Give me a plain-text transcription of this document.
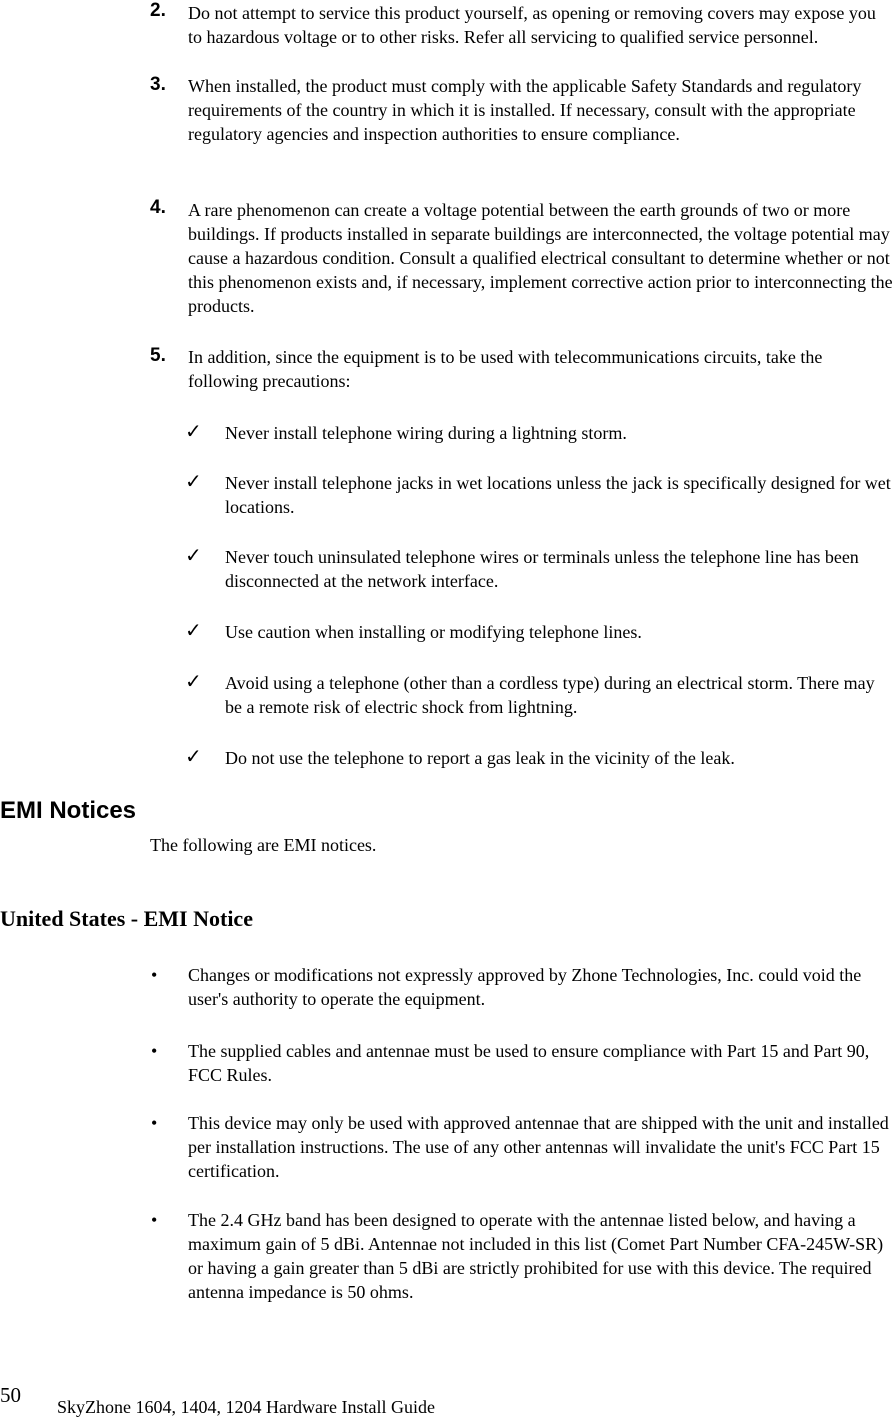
2. Do not attempt to service this product yourself, as opening or removing covers may expose you to hazardous voltage or to other risks. Refer all servicing to qualified service personnel.

3. When installed, the product must comply with the applicable Safety Standards and regulatory requirements of the country in which it is installed. If necessary, consult with the appropriate regulatory agencies and inspection authorities to ensure compliance.

4. A rare phenomenon can create a voltage potential between the earth grounds of two or more buildings. If products installed in separate buildings are interconnected, the voltage potential may cause a hazardous condition. Consult a qualified electrical consultant to determine whether or not this phenomenon exists and, if necessary, implement corrective action prior to interconnecting the products.

5. In addition, since the equipment is to be used with telecommunications circuits, take the following precautions:

✓ Never install telephone wiring during a lightning storm.

✓ Never install telephone jacks in wet locations unless the jack is specifically designed for wet locations.

✓ Never touch uninsulated telephone wires or terminals unless the telephone line has been disconnected at the network interface.

✓ Use caution when installing or modifying telephone lines.

✓ Avoid using a telephone (other than a cordless type) during an electrical storm. There may be a remote risk of electric shock from lightning.

✓ Do not use the telephone to report a gas leak in the vicinity of the leak.

EMI Notices

The following are EMI notices.

United States - EMI Notice
• Changes or modifications not expressly approved by Zhone Technologies, Inc. could void the user's authority to operate the equipment.

• The supplied cables and antennae must be used to ensure compliance with Part 15 and Part 90, FCC Rules.

• This device may only be used with approved antennae that are shipped with the unit and installed per installation instructions. The use of any other antennas will invalidate the unit's FCC Part 15 certification.

• The 2.4 GHz band has been designed to operate with the antennae listed below, and having a maximum gain of 5 dBi. Antennae not included in this list (Comet Part Number CFA-245W-SR) or having a gain greater than 5 dBi are strictly prohibited for use with this device. The required antenna impedance is 50 ohms.

50 SkyZhone 1604, 1404, 1204 Hardware Install Guide
